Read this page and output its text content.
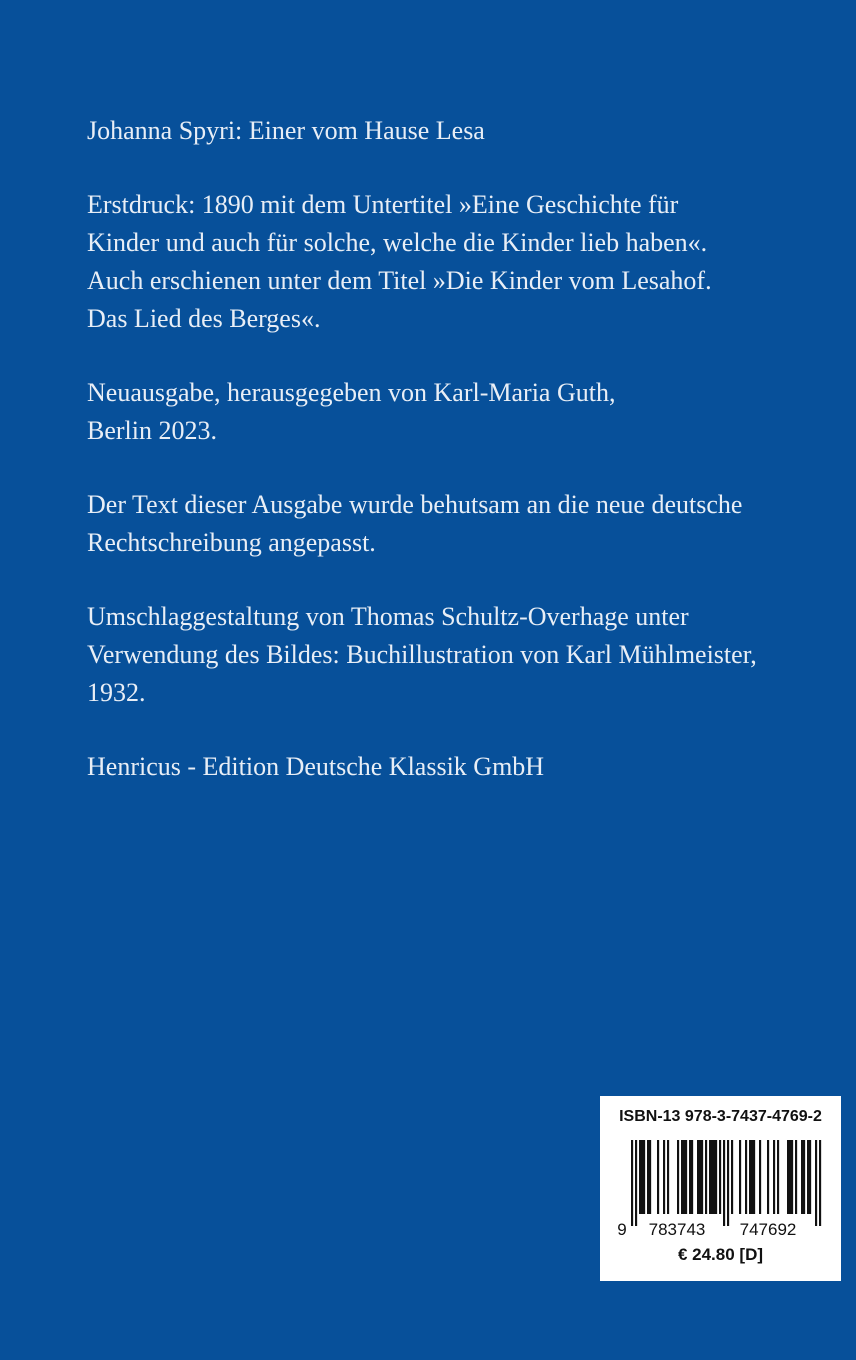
Johanna Spyri: Einer vom Hause Lesa

Erstdruck: 1890 mit dem Untertitel »Eine Geschichte für
Kinder und auch für solche, welche die Kinder lieb haben«.
Auch erschienen unter dem Titel »Die Kinder vom Lesahof.
Das Lied des Berges«.

Neuausgabe, herausgegeben von Karl-Maria Guth,
Berlin 2023.

Der Text dieser Ausgabe wurde behutsam an die neue deutsche
Rechtschreibung angepasst.

Umschlaggestaltung von Thomas Schultz-Overhage unter
Verwendung des Bildes: Buchillustration von Karl Mühlmeister,
1932.

Henricus - Edition Deutsche Klassik GmbH

ISBN-13 978-3-7437-4769-2
9 783743 747692
€ 24.80 [D]
